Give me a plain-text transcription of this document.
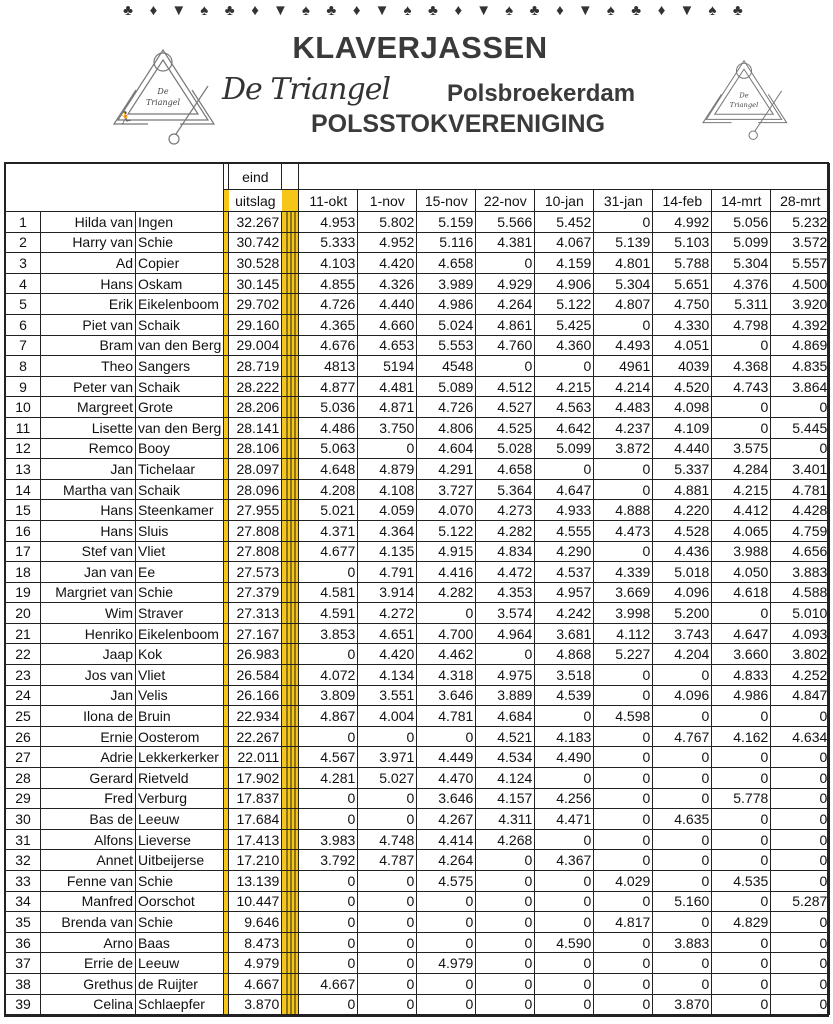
♣	♦ ▼ ♠	♣	♦ ▼ ♠	♣	♦ ▼ ♠	♣	♦ ▼ ♠	♣	♦ ▼ ♠	♣	♦ ▼ ♠	♣
De
Triangel
🏃
De
Triangel
KLAVERJASSEN
De Triangel Polsbroekerdam
POLSSTOKVERENIGING
				eind										
				uitslag		11-okt	1-nov	15-nov	22-nov	10-jan	31-jan	14-feb	14-mrt	28-mrt
1	Hilda van	Ingen		32.267		4.953	5.802	5.159	5.566	5.452	0	4.992	5.056	5.232
2	Harry van	Schie		30.742		5.333	4.952	5.116	4.381	4.067	5.139	5.103	5.099	3.572
3	Ad	Copier		30.528		4.103	4.420	4.658	0	4.159	4.801	5.788	5.304	5.557
4	Hans	Oskam		30.145		4.855	4.326	3.989	4.929	4.906	5.304	5.651	4.376	4.500
5	Erik	Eikelenboom		29.702		4.726	4.440	4.986	4.264	5.122	4.807	4.750	5.311	3.920
6	Piet van	Schaik		29.160		4.365	4.660	5.024	4.861	5.425	0	4.330	4.798	4.392
7	Bram	van den Berg		29.004		4.676	4.653	5.553	4.760	4.360	4.493	4.051	0	4.869
8	Theo	Sangers		28.719		4813	5194	4548	0	0	4961	4039	4.368	4.835
9	Peter van	Schaik		28.222		4.877	4.481	5.089	4.512	4.215	4.214	4.520	4.743	3.864
10	Margreet	Grote		28.206		5.036	4.871	4.726	4.527	4.563	4.483	4.098	0	0
11	Lisette	van den Berg		28.141		4.486	3.750	4.806	4.525	4.642	4.237	4.109	0	5.445
12	Remco	Booy		28.106		5.063	0	4.604	5.028	5.099	3.872	4.440	3.575	0
13	Jan	Tichelaar		28.097		4.648	4.879	4.291	4.658	0	0	5.337	4.284	3.401
14	Martha van	Schaik		28.096		4.208	4.108	3.727	5.364	4.647	0	4.881	4.215	4.781
15	Hans	Steenkamer		27.955		5.021	4.059	4.070	4.273	4.933	4.888	4.220	4.412	4.428
16	Hans	Sluis		27.808		4.371	4.364	5.122	4.282	4.555	4.473	4.528	4.065	4.759
17	Stef van	Vliet		27.808		4.677	4.135	4.915	4.834	4.290	0	4.436	3.988	4.656
18	Jan van	Ee		27.573		0	4.791	4.416	4.472	4.537	4.339	5.018	4.050	3.883
19	Margriet van	Schie		27.379		4.581	3.914	4.282	4.353	4.957	3.669	4.096	4.618	4.588
20	Wim	Straver		27.313		4.591	4.272	0	3.574	4.242	3.998	5.200	0	5.010
21	Henriko	Eikelenboom		27.167		3.853	4.651	4.700	4.964	3.681	4.112	3.743	4.647	4.093
22	Jaap	Kok		26.983		0	4.420	4.462	0	4.868	5.227	4.204	3.660	3.802
23	Jos van	Vliet		26.584		4.072	4.134	4.318	4.975	3.518	0	0	4.833	4.252
24	Jan	Velis		26.166		3.809	3.551	3.646	3.889	4.539	0	4.096	4.986	4.847
25	Ilona de	Bruin		22.934		4.867	4.004	4.781	4.684	0	4.598	0	0	0
26	Ernie	Oosterom		22.267		0	0	0	4.521	4.183	0	4.767	4.162	4.634
27	Adrie	Lekkerkerker		22.011		4.567	3.971	4.449	4.534	4.490	0	0	0	0
28	Gerard	Rietveld		17.902		4.281	5.027	4.470	4.124	0	0	0	0	0
29	Fred	Verburg		17.837		0	0	3.646	4.157	4.256	0	0	5.778	0
30	Bas de	Leeuw		17.684		0	0	4.267	4.311	4.471	0	4.635	0	0
31	Alfons	Lieverse		17.413		3.983	4.748	4.414	4.268	0	0	0	0	0
32	Annet	Uitbeijerse		17.210		3.792	4.787	4.264	0	4.367	0	0	0	0
33	Fenne van	Schie		13.139		0	0	4.575	0	0	4.029	0	4.535	0
34	Manfred	Oorschot		10.447		0	0	0	0	0	0	5.160	0	5.287
35	Brenda van	Schie		9.646		0	0	0	0	0	4.817	0	4.829	0
36	Arno	Baas		8.473		0	0	0	0	4.590	0	3.883	0	0
37	Errie de	Leeuw		4.979		0	0	4.979	0	0	0	0	0	0
38	Grethus	de Ruijter		4.667		4.667	0	0	0	0	0	0	0	0
39	Celina	Schlaepfer		3.870		0	0	0	0	0	0	3.870	0	0
